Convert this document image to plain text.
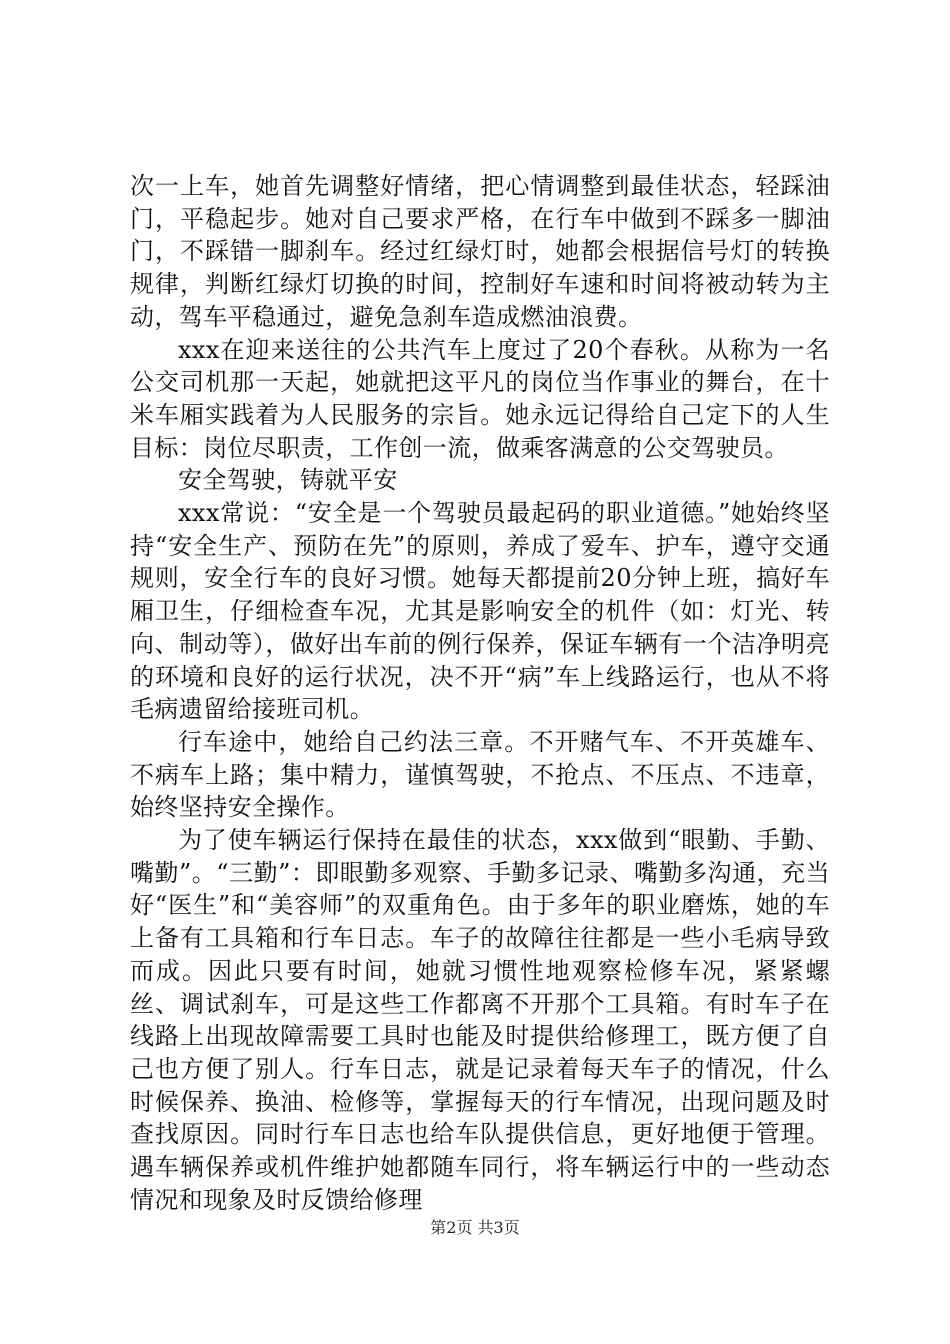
次一上车，她首先调整好情绪，把心情调整到最佳状态，轻踩油门，平稳起步。她对自己要求严格，在行车中做到不踩多一脚油门，不踩错一脚刹车。经过红绿灯时，她都会根据信号灯的转换规律，判断红绿灯切换的时间，控制好车速和时间将被动转为主动，驾车平稳通过，避免急刹车造成燃油浪费。

xxx在迎来送往的公共汽车上度过了20个春秋。从称为一名公交司机那一天起，她就把这平凡的岗位当作事业的舞台，在十米车厢实践着为人民服务的宗旨。她永远记得给自己定下的人生目标：岗位尽职责，工作创一流，做乘客满意的公交驾驶员。

安全驾驶，铸就平安

xxx常说：“安全是一个驾驶员最起码的职业道德。”她始终坚持“安全生产、预防在先”的原则，养成了爱车、护车，遵守交通规则，安全行车的良好习惯。她每天都提前20分钟上班，搞好车厢卫生，仔细检查车况，尤其是影响安全的机件（如：灯光、转向、制动等），做好出车前的例行保养，保证车辆有一个洁净明亮的环境和良好的运行状况，决不开“病”车上线路运行，也从不将毛病遗留给接班司机。

行车途中，她给自己约法三章。不开赌气车、不开英雄车、不病车上路；集中精力，谨慎驾驶，不抢点、不压点、不违章，始终坚持安全操作。

为了使车辆运行保持在最佳的状态，xxx做到“眼勤、手勤、嘴勤”。“三勤”：即眼勤多观察、手勤多记录、嘴勤多沟通，充当好“医生”和“美容师”的双重角色。由于多年的职业磨炼，她的车上备有工具箱和行车日志。车子的故障往往都是一些小毛病导致而成。因此只要有时间，她就习惯性地观察检修车况，紧紧螺丝、调试刹车，可是这些工作都离不开那个工具箱。有时车子在线路上出现故障需要工具时也能及时提供给修理工，既方便了自己也方便了别人。行车日志，就是记录着每天车子的情况，什么时候保养、换油、检修等，掌握每天的行车情况，出现问题及时查找原因。同时行车日志也给车队提供信息，更好地便于管理。遇车辆保养或机件维护她都随车同行，将车辆运行中的一些动态情况和现象及时反馈给修理

第2页 共3页
